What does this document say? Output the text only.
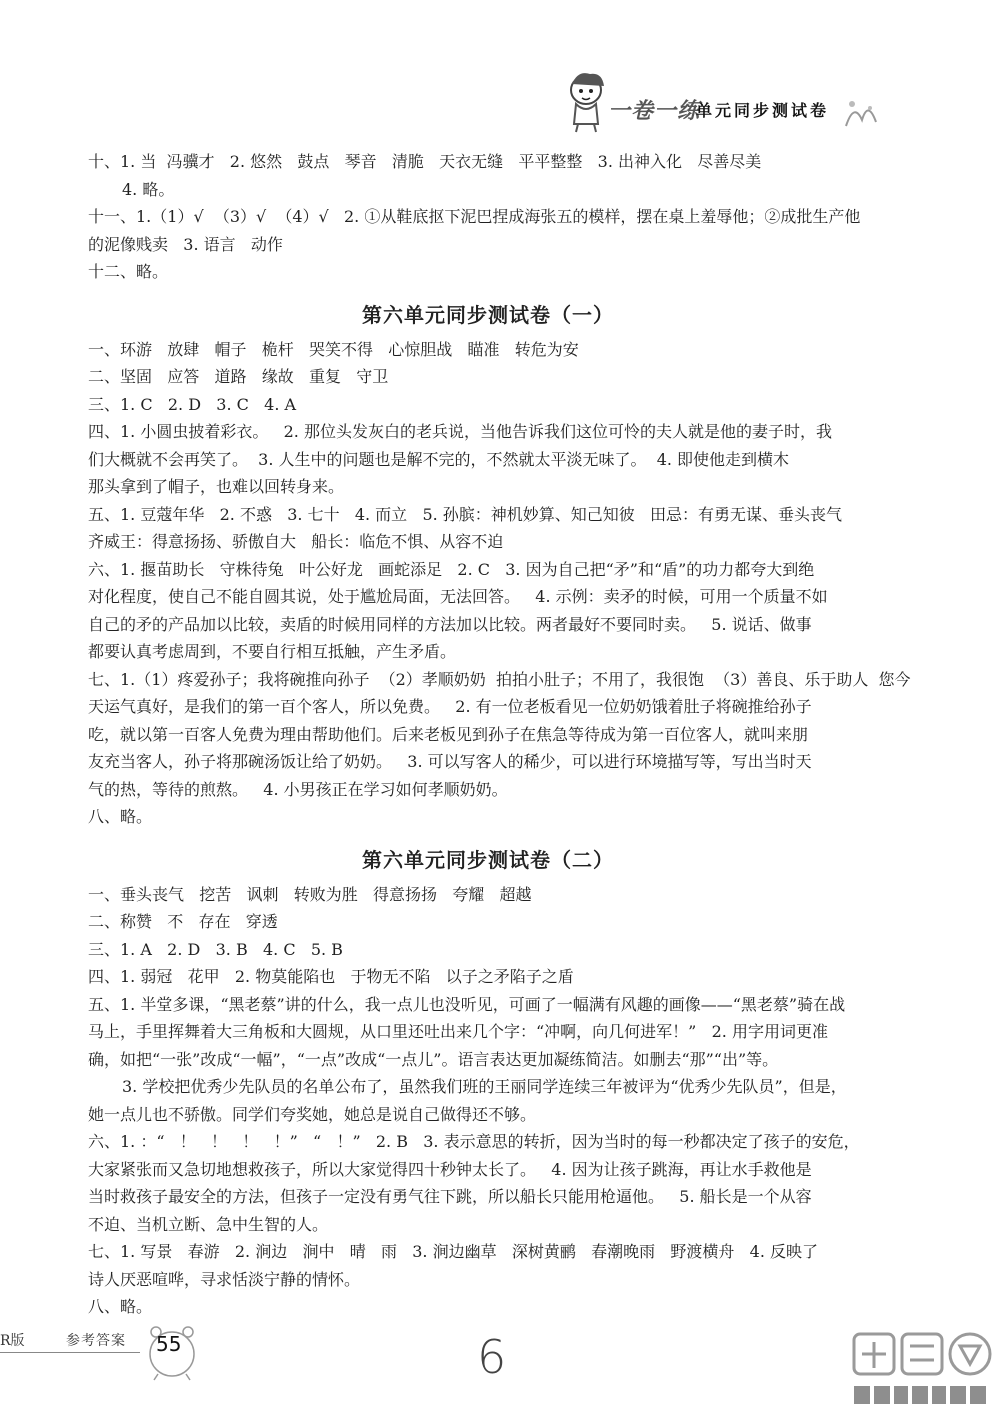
一卷一练
单元同步测试卷

十、1. 当  冯骥才   2. 悠然   鼓点   琴音   清脆   天衣无缝   平平整整   3. 出神入化   尽善尽美

4. 略。

十一、1.（1）√  （3）√  （4）√   2. ①从鞋底抠下泥巴捏成海张五的模样，摆在桌上羞辱他；②成批生产他

的泥像贱卖   3. 语言   动作

十二、略。

第六单元同步测试卷（一）

一、环游   放肆   帽子   桅杆   哭笑不得   心惊胆战   瞄准   转危为安

二、坚固   应答   道路   缘故   重复   守卫

三、1. C   2. D   3. C   4. A

四、1. 小圆虫披着彩衣。   2. 那位头发灰白的老兵说，当他告诉我们这位可怜的夫人就是他的妻子时，我

们大概就不会再笑了。  3. 人生中的问题也是解不完的，不然就太平淡无味了。  4. 即使他走到横木

那头拿到了帽子，也难以回转身来。

五、1. 豆蔻年华   2. 不惑   3. 七十   4. 而立   5. 孙膑：神机妙算、知己知彼   田忌：有勇无谋、垂头丧气

齐威王：得意扬扬、骄傲自大   船长：临危不惧、从容不迫

六、1. 揠苗助长   守株待兔   叶公好龙   画蛇添足   2. C   3. 因为自己把“矛”和“盾”的功力都夸大到绝

对化程度，使自己不能自圆其说，处于尴尬局面，无法回答。   4. 示例：卖矛的时候，可用一个质量不如

自己的矛的产品加以比较，卖盾的时候用同样的方法加以比较。两者最好不要同时卖。   5. 说话、做事

都要认真考虑周到，不要自行相互抵触，产生矛盾。

七、1.（1）疼爱孙子；我将碗推向孙子  （2）孝顺奶奶  拍拍小肚子；不用了，我很饱  （3）善良、乐于助人  您今

天运气真好，是我们的第一百个客人，所以免费。   2. 有一位老板看见一位奶奶饿着肚子将碗推给孙子

吃，就以第一百客人免费为理由帮助他们。后来老板见到孙子在焦急等待成为第一百位客人，就叫来朋

友充当客人，孙子将那碗汤饭让给了奶奶。   3. 可以写客人的稀少，可以进行环境描写等，写出当时天

气的热，等待的煎熬。   4. 小男孩正在学习如何孝顺奶奶。

八、略。

第六单元同步测试卷（二）

一、垂头丧气   挖苦   讽刺   转败为胜   得意扬扬   夸耀   超越

二、称赞   不   存在   穿透

三、1. A   2. D   3. B   4. C   5. B

四、1. 弱冠   花甲   2. 物莫能陷也   于物无不陷   以子之矛陷子之盾

五、1. 半堂多课，“黑老蔡”讲的什么，我一点儿也没听见，可画了一幅满有风趣的画像——“黑老蔡”骑在战

马上，手里挥舞着大三角板和大圆规，从口里还吐出来几个字：“冲啊，向几何进军！”   2. 用字用词更准

确，如把“一张”改成“一幅”，“一点”改成“一点儿”。语言表达更加凝练简洁。如删去“那”“出”等。

3. 学校把优秀少先队员的名单公布了，虽然我们班的王丽同学连续三年被评为“优秀少先队员”，但是，

她一点儿也不骄傲。同学们夸奖她，她总是说自己做得还不够。

六、1. ：“   ！   ！   ！   ！”   “   ！”   2. B   3. 表示意思的转折，因为当时的每一秒都决定了孩子的安危，

大家紧张而又急切地想救孩子，所以大家觉得四十秒钟太长了。   4. 因为让孩子跳海，再让水手救他是

当时救孩子最安全的方法，但孩子一定没有勇气往下跳，所以船长只能用枪逼他。   5. 船长是一个从容

不迫、当机立断、急中生智的人。

七、1. 写景   春游   2. 涧边   涧中   晴   雨   3. 涧边幽草   深树黄鹂   春潮晚雨   野渡横舟   4. 反映了

诗人厌恶喧哗，寻求恬淡宁静的情怀。

八、略。

R版	参考答案 55	6
